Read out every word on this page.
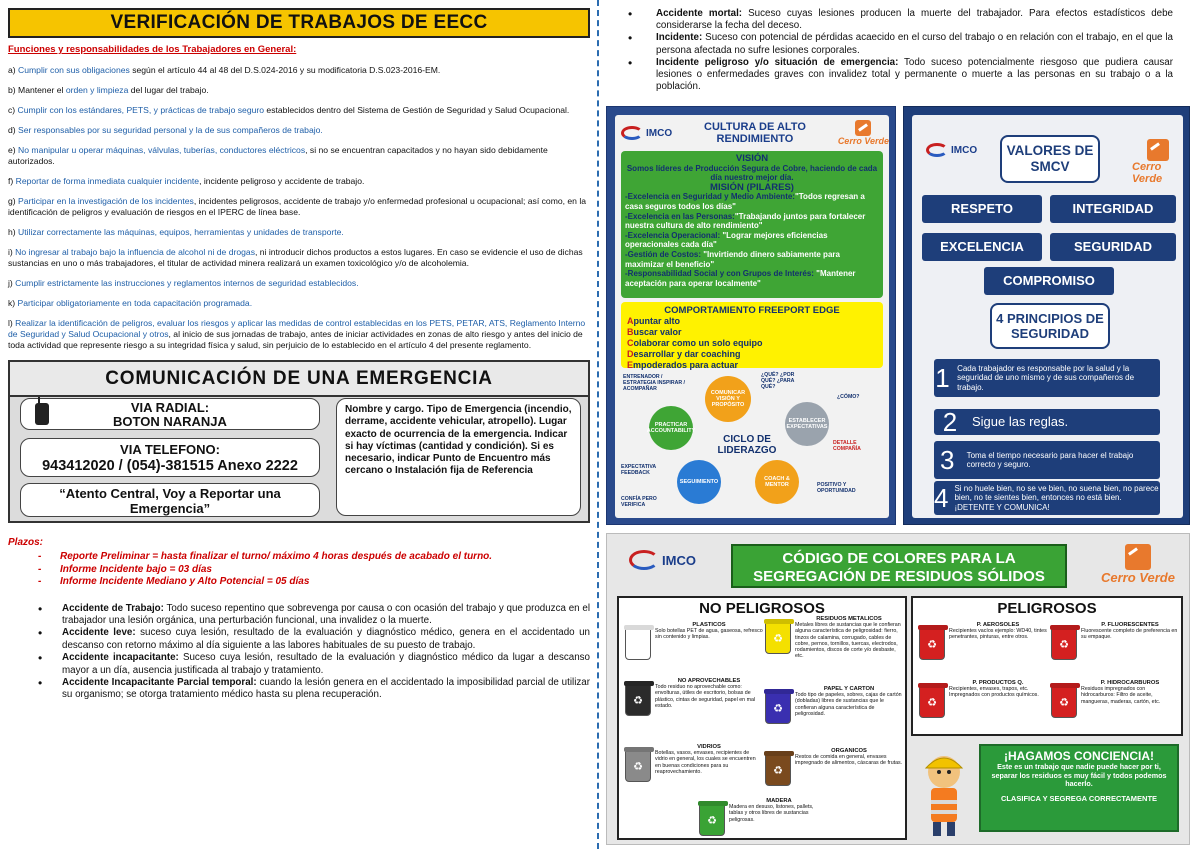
VERIFICACIÓN DE TRABAJOS DE EECC
Funciones y responsabilidades de los Trabajadores en General:
a) Cumplir con sus obligaciones según el artículo 44 al 48 del D.S.024-2016 y su modificatoria D.S.023-2016-EM.
b) Mantener el orden y limpieza del lugar del trabajo.
c) Cumplir con los estándares, PETS, y prácticas de trabajo seguro establecidos dentro del Sistema de Gestión de Seguridad y Salud Ocupacional.
d) Ser responsables por su seguridad personal y la de sus compañeros de trabajo.
e) No manipular u operar máquinas, válvulas, tuberías, conductores eléctricos, si no se encuentran capacitados y no hayan sido debidamente autorizados.
f) Reportar de forma inmediata cualquier incidente, incidente peligroso y accidente de trabajo.
g) Participar en la investigación de los incidentes, incidentes peligrosos, accidente de trabajo y/o enfermedad profesional u ocupacional; así como, en la identificación de peligros y evaluación de riesgos en el IPERC de línea base.
h) Utilizar correctamente las máquinas, equipos, herramientas y unidades de transporte.
i) No ingresar al trabajo bajo la influencia de alcohol ni de drogas, ni introducir dichos productos a estos lugares. En caso se evidencie el uso de dichas sustancias en uno o más trabajadores, el titular de actividad minera realizará un examen toxicológico y/o de alcoholemia.
j) Cumplir estrictamente las instrucciones y reglamentos internos de seguridad establecidos.
k) Participar obligatoriamente en toda capacitación programada.
l) Realizar la identificación de peligros, evaluar los riesgos y aplicar las medidas de control establecidas en los PETS, PETAR, ATS, Reglamento Interno de Seguridad y Salud Ocupacional y otros, al inicio de sus jornadas de trabajo, antes de iniciar actividades en zonas de alto riesgo y antes del inicio de toda actividad que represente riesgo a su integridad física y salud, sin perjuicio de lo establecido en el artículo 4 del presente reglamento.
COMUNICACIÓN DE UNA EMERGENCIA
VIA RADIAL:
BOTON NARANJA
VIA TELEFONO:
943412020 / (054)-381515 Anexo 2222
“Atento Central, Voy a Reportar una Emergencia”
Nombre y cargo. Tipo de Emergencia (incendio, derrame, accidente vehicular, atropello). Lugar exacto de ocurrencia de la emergencia. Indicar si hay víctimas (cantidad y condición). Si es necesario, indicar Punto de Encuentro más cercano o Instalación fija de Referencia
Plazos:
- Reporte Preliminar = hasta finalizar el turno/ máximo 4 horas después de acabado el turno.
- Informe Incidente bajo = 03 días
- Informe Incidente Mediano y Alto Potencial = 05 días
• Accidente de Trabajo: Todo suceso repentino que sobrevenga por causa o con ocasión del trabajo y que produzca en el trabajador una lesión orgánica, una perturbación funcional, una invalidez o la muerte.
• Accidente leve: suceso cuya lesión, resultado de la evaluación y diagnóstico médico, genera en el accidentado un descanso con retorno máximo al día siguiente a las labores habituales de su puesto de trabajo.
• Accidente incapacitante: Suceso cuya lesión, resultado de la evaluación y diagnóstico médico da lugar a descanso mayor a un día, ausencia justificada al trabajo y tratamiento.
• Accidente Incapacitante Parcial temporal: cuando la lesión genera en el accidentado la imposibilidad parcial de utilizar su organismo; se otorga tratamiento médico hasta su plena recuperación.
• Accidente mortal: Suceso cuyas lesiones producen la muerte del trabajador. Para efectos estadísticos debe considerarse la fecha del deceso.
• Incidente: Suceso con potencial de pérdidas acaecido en el curso del trabajo o en relación con el trabajo, en el que la persona afectada no sufre lesiones corporales.
• Incidente peligroso y/o situación de emergencia: Todo suceso potencialmente riesgoso que pudiera causar lesiones o enfermedades graves con invalidez total y permanente o muerte a las personas en su trabajo o a la población.
IMCO	CULTURA DE ALTO RENDIMIENTO	Cerro Verde
VISIÓN
Somos líderes de Producción Segura de Cobre, haciendo de cada día nuestro mejor día.
MISIÓN (PILARES)
-Excelencia en Seguridad y Medio Ambiente:"Todos regresan a casa seguros todos los días"
-Excelencia en las Personas:"Trabajando juntos para fortalecer nuestra cultura de alto rendimiento"
-Excelencia Operacional: "Lograr mejores eficiencias operacionales cada día"
-Gestión de Costos: "Invirtiendo dinero sabiamente para maximizar el beneficio"
-Responsabilidad Social y con Grupos de Interés: "Mantener aceptación para operar localmente"
COMPORTAMIENTO FREEPORT EDGE
Apuntar alto
Buscar valor
Colaborar como un solo equipo
Desarrollar y dar coaching
Empoderados para actuar
COMUNICAR VISIÓN Y PROPÓSITO
PRACTICAR ACCOUNTABILITY
ESTABLECER EXPECTATIVAS
SEGUIMIENTO	COACH & MENTOR
CICLO DE LIDERAZGO
ENTRENADOR / ESTRATEGIA INSPIRAR / ACOMPAÑAR
¿QUÉ? ¿POR QUÉ? ¿PARA QUÉ?
¿CÓMO?
DETALLE COMPAÑÍA
EXPECTATIVA FEEDBACK
CONFÍA PERO VERIFICA
POSITIVO Y OPORTUNIDAD
IMCO
Cerro Verde
VALORES DE SMCV
RESPETO	INTEGRIDAD
EXCELENCIA	SEGURIDAD
COMPROMISO
4 PRINCIPIOS DE SEGURIDAD
1 Cada trabajador es responsable por la salud y la seguridad de uno mismo y de sus compañeros de trabajo.
2	Sigue las reglas.
3	Toma el tiempo necesario para hacer el trabajo correcto y seguro.
4 Si no huele bien, no se ve bien, no suena bien, no parece bien, no te sientes bien, entonces no está bien. ¡DETENTE Y COMUNICA!
IMCO	CÓDIGO DE COLORES PARA LA SEGREGACIÓN DE RESIDUOS SÓLIDOS	Cerro Verde
NO PELIGROSOS
♻
PLASTICOS
Solo botellas PET de agua, gaseosa, refresco sin contenido y limpias.
♻
RESIDUOS METALICOS
Metales libres de sustancias que le confieran alguna característica de peligrosidad: fierro, tinzos de calamina, corrugado, cables de cobre, pernos, tornillos, tuercas, electrodos, rodamientos, discos de corte y/o desbaste, etc.
♻
NO APROVECHABLES
Todo residuo no aprovechable como: envolturas, útiles de escritorio, bolsas de plástico, cintas de seguridad, papel en mal estado.
♻
PAPEL Y CARTON
Todo tipo de papeles, sobres, cajas de cartón (dobladas) libres de sustancias que le confieran alguna característica de peligrosidad.
♻
VIDRIOS
Botellas, vasos, envases, recipientes de vidrio en general, los cuales se encuentren en buenas condiciones para su reaprovechamiento.
♻
ORGANICOS
Restos de comida en general, envases impregnado de alimentos, cáscaras de frutas.
♻
MADERA
Madera en desuso, listones, pallets, tablas y otros libres de sustancias peligrosas.
PELIGROSOS
♻
P. AEROSOLES
Recipientes vacíos ejemplo: WD40, tintes penetrantes, pinturas, entre otros.
♻
P. FLUORESCENTES
Fluorescente completo de preferencia en su empaque.
♻
P. PRODUCTOS Q.
Recipientes, envases, trapos, etc. Impregnados con productos químicos.
♻
P. HIDROCARBUROS
Residuos impregnados con hidrocarburos: Filtro de aceite, mangueras, maderas, cartón, etc.
¡HAGAMOS CONCIENCIA!
Este es un trabajo que nadie puede hacer por ti, separar los residuos es muy fácil y todos podemos hacerlo.
CLASIFICA Y SEGREGA CORRECTAMENTE
